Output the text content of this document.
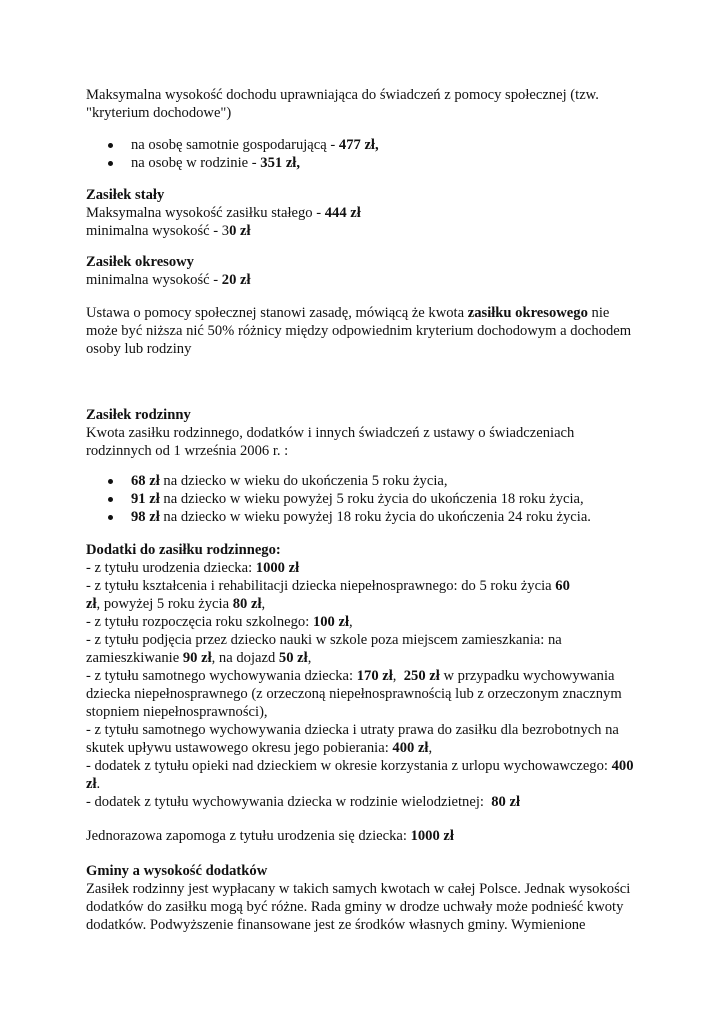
Maksymalna wysokość dochodu uprawniająca do świadczeń z pomocy społecznej (tzw.

"kryterium dochodowe")

na osobę samotnie gospodarującą - 477 zł,
na osobę w rodzinie - 351 zł,

Zasiłek stały

Maksymalna wysokość zasiłku stałego - 444 zł

minimalna wysokość - 30 zł

Zasiłek okresowy

minimalna wysokość - 20 zł

Ustawa o pomocy społecznej stanowi zasadę, mówiącą że kwota zasiłku okresowego nie

może być niższa nić 50% różnicy między odpowiednim kryterium dochodowym a dochodem

osoby lub rodziny

Zasiłek rodzinny

Kwota zasiłku rodzinnego, dodatków i innych świadczeń z ustawy o świadczeniach

rodzinnych od 1 września 2006 r. :

68 zł na dziecko w wieku do ukończenia 5 roku życia,
91 zł na dziecko w wieku powyżej 5 roku życia do ukończenia 18 roku życia,
98 zł na dziecko w wieku powyżej 18 roku życia do ukończenia 24 roku życia.

Dodatki do zasiłku rodzinnego:

- z tytułu urodzenia dziecka: 1000 zł

- z tytułu kształcenia i rehabilitacji dziecka niepełnosprawnego: do 5 roku życia 60

zł, powyżej 5 roku życia 80 zł,

- z tytułu rozpoczęcia roku szkolnego: 100 zł,

- z tytułu podjęcia przez dziecko nauki w szkole poza miejscem zamieszkania: na

zamieszkiwanie 90 zł, na dojazd 50 zł,

- z tytułu samotnego wychowywania dziecka: 170 zł,  250 zł w przypadku wychowywania

dziecka niepełnosprawnego (z orzeczoną niepełnosprawnością lub z orzeczonym znacznym

stopniem niepełnosprawności),

- z tytułu samotnego wychowywania dziecka i utraty prawa do zasiłku dla bezrobotnych na

skutek upływu ustawowego okresu jego pobierania: 400 zł,

- dodatek z tytułu opieki nad dzieckiem w okresie korzystania z urlopu wychowawczego: 400

zł.

- dodatek z tytułu wychowywania dziecka w rodzinie wielodzietnej:  80 zł

Jednorazowa zapomoga z tytułu urodzenia się dziecka: 1000 zł

Gminy a wysokość dodatków

Zasiłek rodzinny jest wypłacany w takich samych kwotach w całej Polsce. Jednak wysokości

dodatków do zasiłku mogą być różne. Rada gminy w drodze uchwały może podnieść kwoty

dodatków. Podwyższenie finansowane jest ze środków własnych gminy. Wymienione
